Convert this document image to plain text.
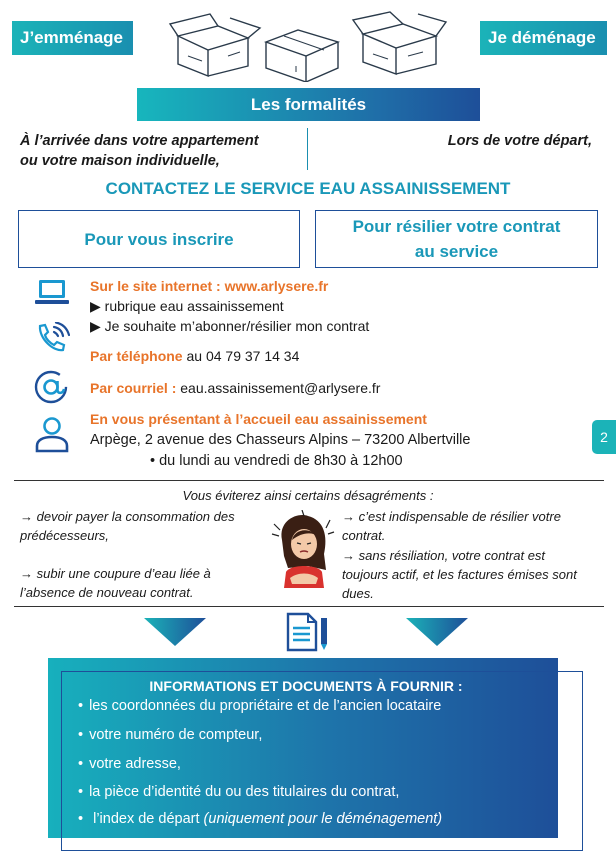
J’emménage	Je déménage
Les formalités
À l’arrivée dans votre appartement
ou votre maison individuelle,
Lors de votre départ,
CONTACTEZ LE SERVICE EAU ASSAINISSEMENT
Pour vous inscrire
Pour résilier votre contrat
au service
Sur le site internet : www.arlysere.fr
▶ rubrique eau assainissement
▶ Je souhaite m’abonner/résilier mon contrat
Par téléphone au 04 79 37 14 34
Par courriel : eau.assainissement@arlysere.fr
En vous présentant à l’accueil eau assainissement
Arpège, 2 avenue des Chasseurs Alpins – 73200 Albertville
• du lundi au vendredi de 8h30 à 12h00
2
Vous éviterez ainsi certains désagréments :
→ devoir payer la consommation des prédécesseurs,
→ subir une coupure d’eau liée à l’absence de nouveau contrat.
→ c’est indispensable de résilier votre contrat.
→ sans résiliation, votre contrat est toujours actif, et les factures émises sont dues.
INFORMATIONS ET DOCUMENTS À FOURNIR :
• les coordonnées du propriétaire et de l’ancien locataire
• votre numéro de compteur,
• votre adresse,
• la pièce d’identité du ou des titulaires du contrat,
• l’index de départ (uniquement pour le déménagement)
